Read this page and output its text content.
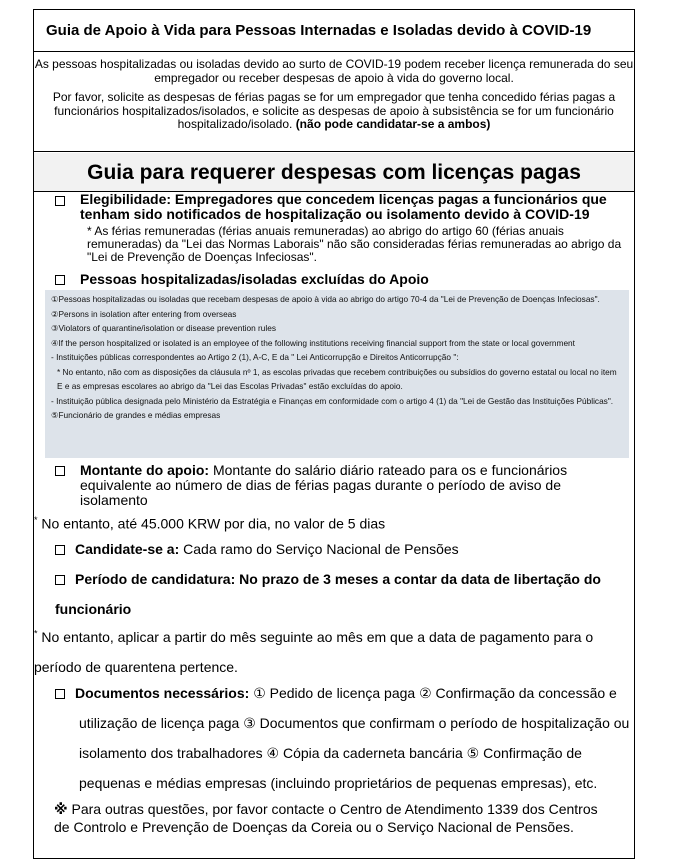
Guia de Apoio à Vida para Pessoas Internadas e Isoladas devido à COVID-19

As pessoas hospitalizadas ou isoladas devido ao surto de COVID-19 podem receber licença remunerada do seu empregador ou receber despesas de apoio à vida do governo local.

Por favor, solicite as despesas de férias pagas se for um empregador que tenha concedido férias pagas a funcionários hospitalizados/isolados, e solicite as despesas de apoio à subsistência se for um funcionário hospitalizado/isolado. (não pode candidatar-se a ambos)

Guia para requerer despesas com licenças pagas
Elegibilidade: Empregadores que concedem licenças pagas a funcionários que tenham sido notificados de hospitalização ou isolamento devido à COVID-19
* As férias remuneradas (férias anuais remuneradas) ao abrigo do artigo 60 (férias anuais remuneradas) da "Lei das Normas Laborais" não são consideradas férias remuneradas ao abrigo da "Lei de Prevenção de Doenças Infeciosas".
Pessoas hospitalizadas/isoladas excluídas do Apoio
①Pessoas hospitalizadas ou isoladas que recebam despesas de apoio à vida ao abrigo do artigo 70-4 da "Lei de Prevenção de Doenças Infeciosas".
②Persons in isolation after entering from overseas
③Violators of quarantine/isolation or disease prevention rules
④If the person hospitalized or isolated is an employee of the following institutions receiving financial support from the state or local government
- Instituições públicas correspondentes ao Artigo 2 (1), A-C, E da " Lei Anticorrupção e Direitos Anticorrupção ":
* No entanto, não com as disposições da cláusula nº 1, as escolas privadas que recebem contribuições ou subsídios do governo estatal ou local no item E e as empresas escolares ao abrigo da "Lei das Escolas Privadas" estão excluídas do apoio.
- Instituição pública designada pelo Ministério da Estratégia e Finanças em conformidade com o artigo 4 (1) da "Lei de Gestão das Instituições Públicas".
⑤Funcionário de grandes e médias empresas
Montante do apoio: Montante do salário diário rateado para os e funcionários equivalente ao número de dias de férias pagas durante o período de aviso de isolamento
* No entanto, até 45.000 KRW por dia, no valor de 5 dias
Candidate-se a: Cada ramo do Serviço Nacional de Pensões
Período de candidatura: No prazo de 3 meses a contar da data de libertação do funcionário
* No entanto, aplicar a partir do mês seguinte ao mês em que a data de pagamento para o período de quarentena pertence.
Documentos necessários: ① Pedido de licença paga ② Confirmação da concessão e
utilização de licença paga ③ Documentos que confirmam o período de hospitalização ou
isolamento dos trabalhadores ④ Cópia da caderneta bancária ⑤ Confirmação de
pequenas e médias empresas (incluindo proprietários de pequenas empresas), etc.
※ Para outras questões, por favor contacte o Centro de Atendimento 1339 dos Centros de Controlo e Prevenção de Doenças da Coreia ou o Serviço Nacional de Pensões.
